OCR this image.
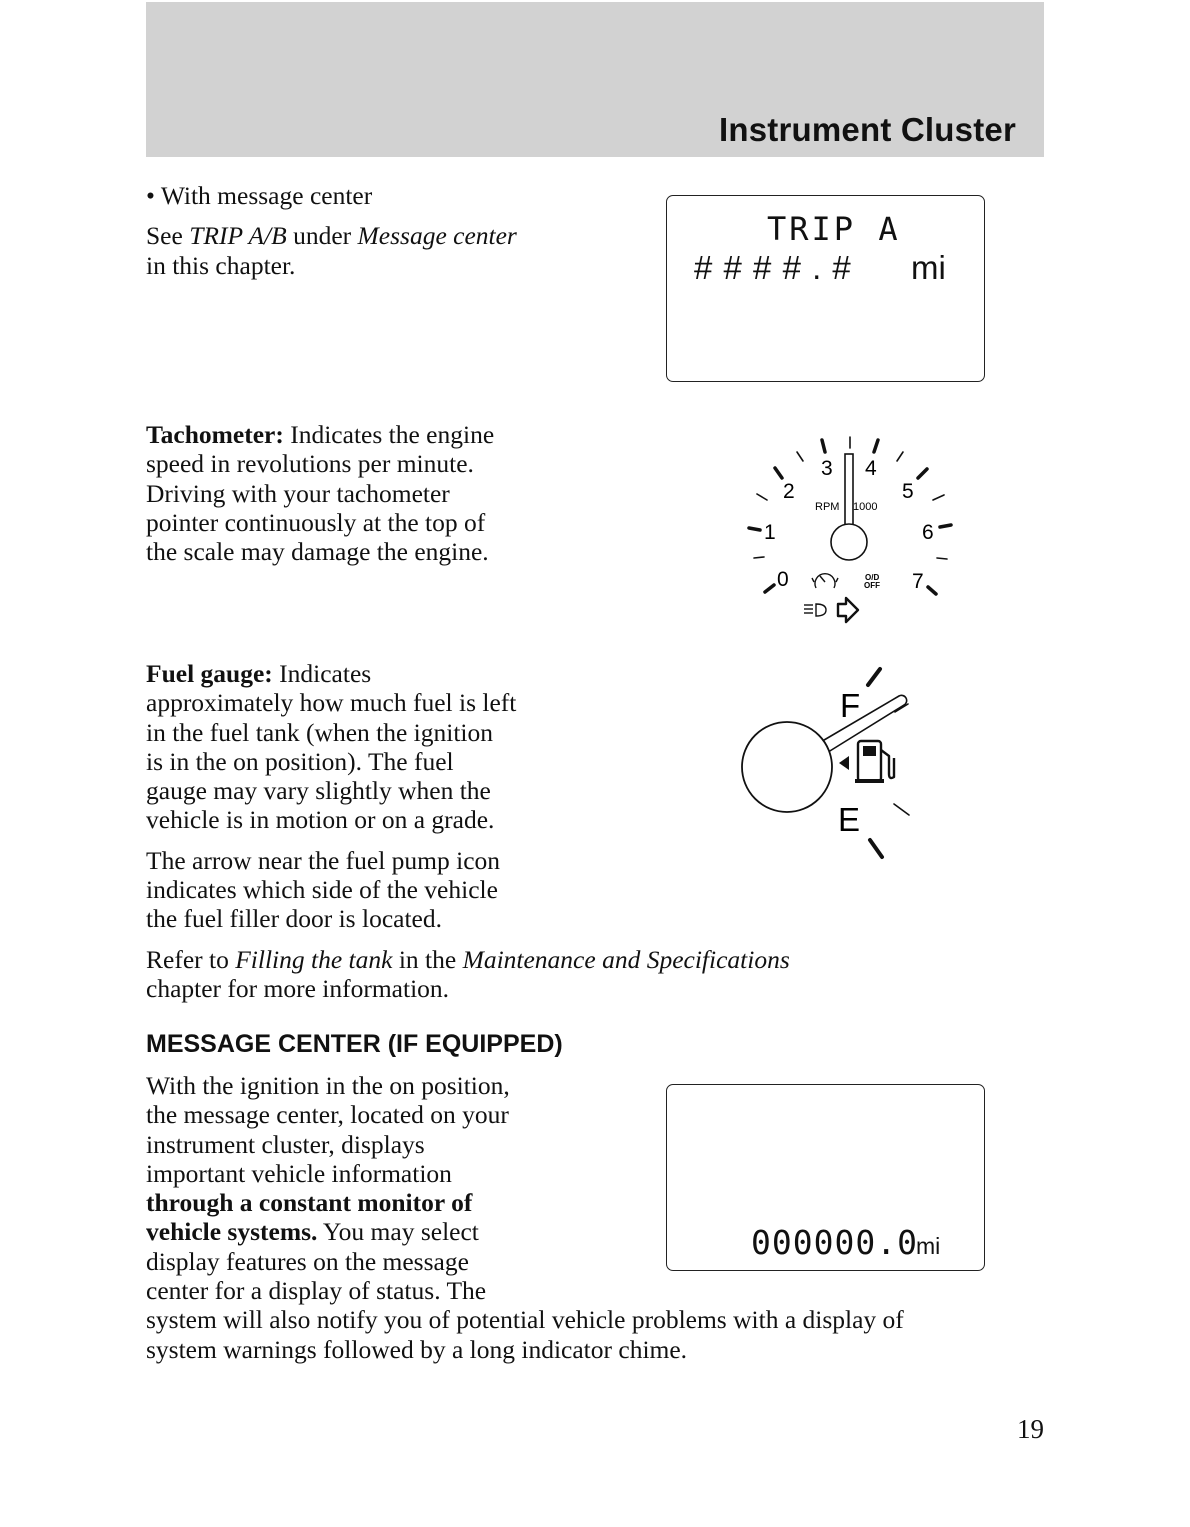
Instrument Cluster

• With message center

See TRIP A/B under Message center

in this chapter.

TRIP A
# # # # . # mi

Tachometer: Indicates the engine

speed in revolutions per minute.

Driving with your tachometer

pointer continuously at the top of

the scale may damage the engine.

0
1
2
3 4
5
6
7
RPM 1000
O/D
OFF

Fuel gauge: Indicates

approximately how much fuel is left

in the fuel tank (when the ignition

is in the on position). The fuel

gauge may vary slightly when the

vehicle is in motion or on a grade.

The arrow near the fuel pump icon

indicates which side of the vehicle

the fuel filler door is located.

F
E

Refer to Filling the tank in the Maintenance and Specifications

chapter for more information.

MESSAGE CENTER (IF EQUIPPED)

With the ignition in the on position,

the message center, located on your

instrument cluster, displays

important vehicle information

through a constant monitor of

vehicle systems. You may select

display features on the message

center for a display of status. The

system will also notify you of potential vehicle problems with a display of

system warnings followed by a long indicator chime.

000000.0
mi
19
